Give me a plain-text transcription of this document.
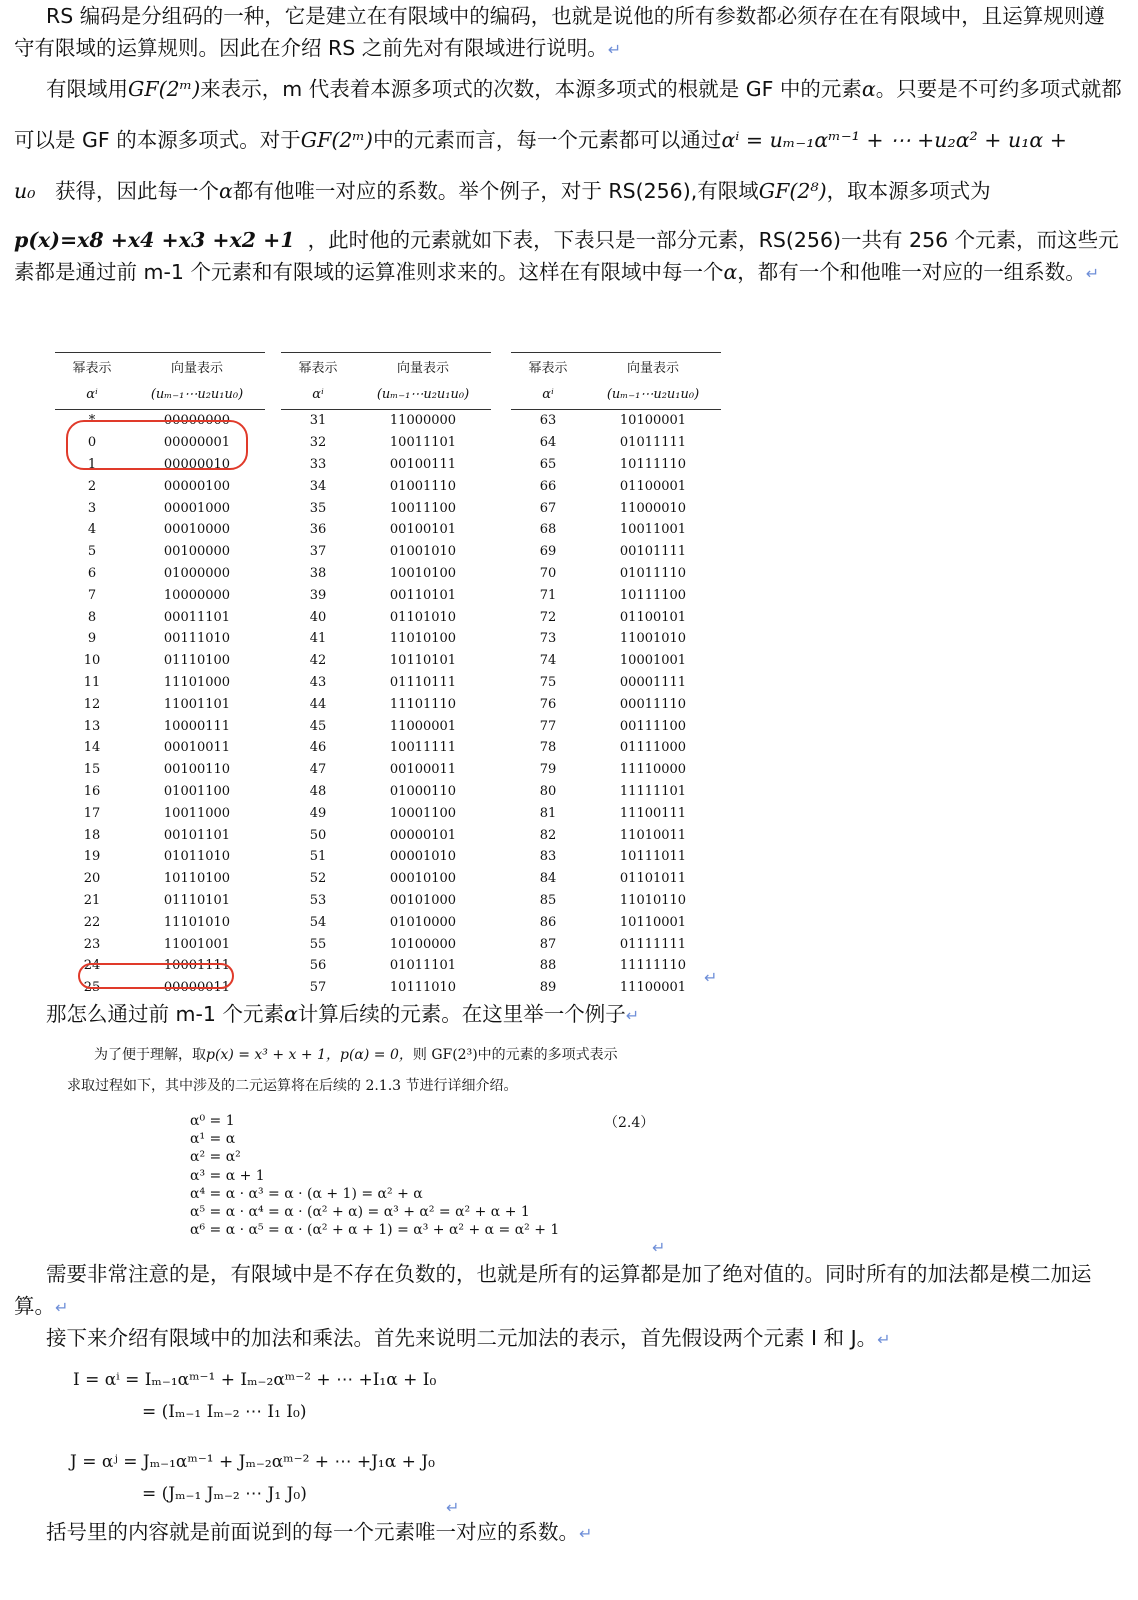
RS 编码是分组码的一种，它是建立在有限域中的编码，也就是说他的所有参数都必须存在在有限域中，且运算规则遵守有限域的运算规则。因此在介绍 RS 之前先对有限域进行说明。↵
有限域用GF(2ᵐ)来表示，m 代表着本源多项式的次数，本源多项式的根就是 GF 中的元素α。只要是不可约多项式就都可以是 GF 的本源多项式。对于GF(2ᵐ)中的元素而言，每一个元素都可以通过αⁱ = uₘ₋₁αᵐ⁻¹ + ⋯ +u₂α² + u₁α + u₀ 获得，因此每一个α都有他唯一对应的系数。举个例子，对于 RS(256),有限域GF(2⁸)，取本源多项式为
p(x)=x8 +x4 +x3 +x2 +1 ，此时他的元素就如下表，下表只是一部分元素，RS(256)一共有 256 个元素，而这些元素都是通过前 m-1 个元素和有限域的运算准则求来的。这样在有限域中每一个α，都有一个和他唯一对应的一组系数。↵
幂表示	向量表示
αⁱ	(uₘ₋₁⋯u₂u₁u₀)
*	00000000
0	00000001
1	00000010
2	00000100
3	00001000
4	00010000
5	00100000
6	01000000
7	10000000
8	00011101
9	00111010
10	01110100
11	11101000
12	11001101
13	10000111
14	00010011
15	00100110
16	01001100
17	10011000
18	00101101
19	01011010
20	10110100
21	01110101
22	11101010
23	11001001
24	10001111
25	00000011
幂表示	向量表示
αⁱ	(uₘ₋₁⋯u₂u₁u₀)
31	11000000
32	10011101
33	00100111
34	01001110
35	10011100
36	00100101
37	01001010
38	10010100
39	00110101
40	01101010
41	11010100
42	10110101
43	01110111
44	11101110
45	11000001
46	10011111
47	00100011
48	01000110
49	10001100
50	00000101
51	00001010
52	00010100
53	00101000
54	01010000
55	10100000
56	01011101
57	10111010
幂表示	向量表示
αⁱ	(uₘ₋₁⋯u₂u₁u₀)
63	10100001
64	01011111
65	10111110
66	01100001
67	11000010
68	10011001
69	00101111
70	01011110
71	10111100
72	01100101
73	11001010
74	10001001
75	00001111
76	00011110
77	00111100
78	01111000
79	11110000
80	11111101
81	11100111
82	11010011
83	10111011
84	01101011
85	11010110
86	10110001
87	01111111
88	11111110
89	11100001
↵
那怎么通过前 m-1 个元素α计算后续的元素。在这里举一个例子↵
为了便于理解，取p(x) = x³ + x + 1，p(α) = 0，则 GF(2³)中的元素的多项式表示
求取过程如下，其中涉及的二元运算将在后续的 2.1.3 节进行详细介绍。
（2.4）
α⁰ = 1
α¹ = α
α² = α²
α³ = α + 1
α⁴ = α · α³ = α · (α + 1) = α² + α
α⁵ = α · α⁴ = α · (α² + α) = α³ + α² = α² + α + 1
α⁶ = α · α⁵ = α · (α² + α + 1) = α³ + α² + α = α² + 1
↵
需要非常注意的是，有限域中是不存在负数的，也就是所有的运算都是加了绝对值的。同时所有的加法都是模二加运算。↵
接下来介绍有限域中的加法和乘法。首先来说明二元加法的表示，首先假设两个元素 I 和 J。↵
I = αⁱ = Iₘ₋₁αᵐ⁻¹ + Iₘ₋₂αᵐ⁻² + ⋯ +I₁α + I₀
= (Iₘ₋₁ Iₘ₋₂ ⋯ I₁ I₀)
J = αʲ = Jₘ₋₁αᵐ⁻¹ + Jₘ₋₂αᵐ⁻² + ⋯ +J₁α + J₀
= (Jₘ₋₁ Jₘ₋₂ ⋯ J₁ J₀)
↵
括号里的内容就是前面说到的每一个元素唯一对应的系数。↵
